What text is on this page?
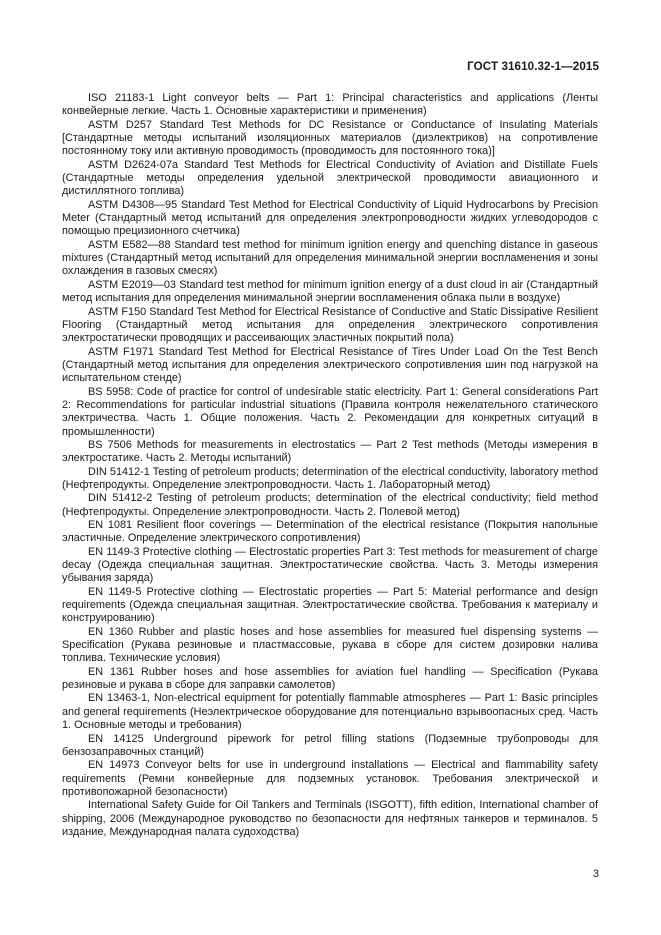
ГОСТ 31610.32-1—2015

ISO 21183-1 Light conveyor belts — Part 1: Principal characteristics and applications (Ленты конвейерные легкие. Часть 1. Основные характеристики и применения)

ASTM D257 Standard Test Methods for DC Resistance or Conductance of Insulating Materials [Стандартные методы испытаний изоляционных материалов (диэлектриков) на сопротивление постоянному току или активную проводимость (проводимость для постоянного тока)]

ASTM D2624-07a Standard Test Methods for Electrical Conductivity of Aviation and Distillate Fuels (Стандартные методы определения удельной электрической проводимости авиационного и дистиллятного топлива)

ASTM D4308—95 Standard Test Method for Electrical Conductivity of Liquid Hydrocarbons by Precision Meter (Стандартный метод испытаний для определения электропроводности жидких углеводородов с помощью прецизионного счетчика)

ASTM E582—88 Standard test method for minimum ignition energy and quenching distance in gaseous mixtures (Стандартный метод испытаний для определения минимальной энергии воспламенения и зоны охлаждения в газовых смесях)

ASTM E2019—03 Standard test method for minimum ignition energy of a dust cloud in air (Стандартный метод испытания для определения минимальной энергии воспламенения облака пыли в воздухе)

ASTM F150 Standard Test Method for Electrical Resistance of Conductive and Static Dissipative Resilient Flooring (Стандартный метод испытания для определения электрического сопротивления электростатически проводящих и рассеивающих эластичных покрытий пола)

ASTM F1971 Standard Test Method for Electrical Resistance of Tires Under Load On the Test Bench (Стандартный метод испытания для определения электрического сопротивления шин под нагрузкой на испытательном стенде)

BS 5958: Code of practice for control of undesirable static electricity. Part 1: General considerations Part 2: Recommendations for particular industrial situations (Правила контроля нежелательного статического электричества. Часть 1. Общие положения. Часть 2. Рекомендации для конкретных ситуаций в промышленности)

BS 7506 Methods for measurements in electrostatics — Part 2 Test methods (Методы измерения в электростатике. Часть 2. Методы испытаний)

DIN 51412-1 Testing of petroleum products; determination of the electrical conductivity, laboratory method (Нефтепродукты. Определение электропроводности. Часть 1. Лабораторный метод)

DIN 51412-2 Testing of petroleum products; determination of the electrical conductivity; field method (Нефтепродукты. Определение электропроводности. Часть 2. Полевой метод)

EN 1081 Resilient floor coverings — Determination of the electrical resistance (Покрытия напольные эластичные. Определение электрического сопротивления)

EN 1149-3 Protective clothing — Electrostatic properties Part 3: Test methods for measurement of charge decay (Одежда специальная защитная. Электростатические свойства. Часть 3. Методы измерения убывания заряда)

EN 1149-5 Protective clothing — Electrostatic properties — Part 5: Material performance and design requirements (Одежда специальная защитная. Электростатические свойства. Требования к материалу и конструированию)

EN 1360 Rubber and plastic hoses and hose assemblies for measured fuel dispensing systems — Specification (Рукава резиновые и пластмассовые, рукава в сборе для систем дозировки налива топлива. Технические условия)

EN 1361 Rubber hoses and hose assemblies for aviation fuel handling — Specification (Рукава резиновые и рукава в сборе для заправки самолетов)

EN 13463-1, Non-electrical equipment for potentially flammable atmospheres — Part 1: Basic principles and general requirements (Неэлектрическое оборудование для потенциально взрывоопасных сред. Часть 1. Основные методы и требования)

EN 14125 Underground pipework for petrol filling stations (Подземные трубопроводы для бензозаправочных станций)

EN 14973 Conveyor belts for use in underground installations — Electrical and flammability safety requirements (Ремни конвейерные для подземных установок. Требования электрической и противопожарной безопасности)

International Safety Guide for Oil Tankers and Terminals (ISGOTT), fifth edition, International chamber of shipping, 2006 (Международное руководство по безопасности для нефтяных танкеров и терминалов. 5 издание, Международная палата судоходства)

3
